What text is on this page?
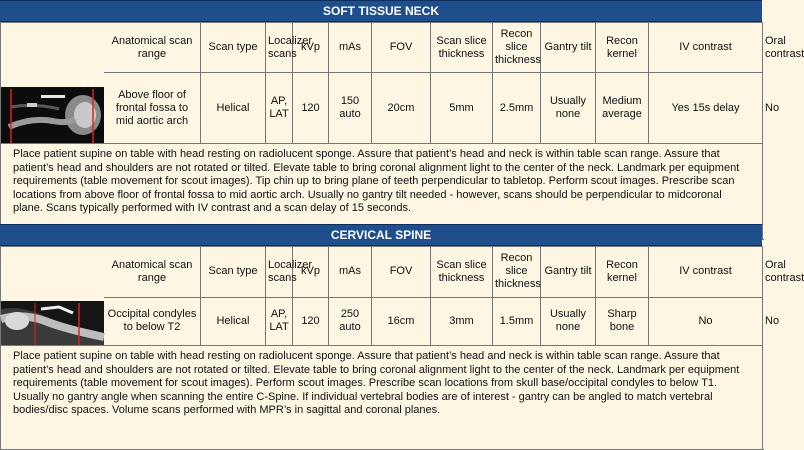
SOFT TISSUE NECK
	Anatomical scan range	Scan type	Localizer scans	kVp	mAs	FOV	Scan slice thickness	Recon slice thickness	Gantry tilt	Recon kernel	IV contrast	Oral contrast
	Above floor of frontal fossa to mid aortic arch	Helical	AP, LAT	120	150 auto	20cm	5mm	2.5mm	Usually none	Medium average	Yes 15s delay	No
Place patient supine on table with head resting on radiolucent sponge. Assure that patient’s head and neck is within table scan range. Assure that patient’s head and shoulders are not rotated or tilted. Elevate table to bring coronal alignment light to the center of the neck. Landmark per equipment requirements (table movement for scout images). Tip chin up to bring plane of teeth perpendicular to tabletop. Perform scout images. Prescribe scan locations from above floor of frontal fossa to mid aortic arch. Usually no gantry tilt needed - however, scans should be perpendicular to midcoronal plane. Scans typically performed with IV contrast and a scan delay of 15 seconds.												
CERVICAL SPINE
	Anatomical scan range	Scan type	Localizer scans	kVp	mAs	FOV	Scan slice thickness	Recon slice thickness	Gantry tilt	Recon kernel	IV contrast	Oral contrast
	Occipital condyles to below T2	Helical	AP, LAT	120	250 auto	16cm	3mm	1.5mm	Usually none	Sharp bone	No	No
Place patient supine on table with head resting on radiolucent sponge. Assure that patient’s head and neck is within table scan range. Assure that patient’s head and shoulders are not rotated or tilted. Elevate table to bring coronal alignment light to the center of the neck. Landmark per equipment requirements (table movement for scout images). Perform scout images. Prescribe scan locations from skull base/occipital condyles to below T1. Usually no gantry angle when scanning the entire C-Spine. If individual vertebral bodies are of interest - gantry can be angled to match vertebral bodies/disc spaces. Volume scans performed with MPR’s in sagittal and coronal planes.												
